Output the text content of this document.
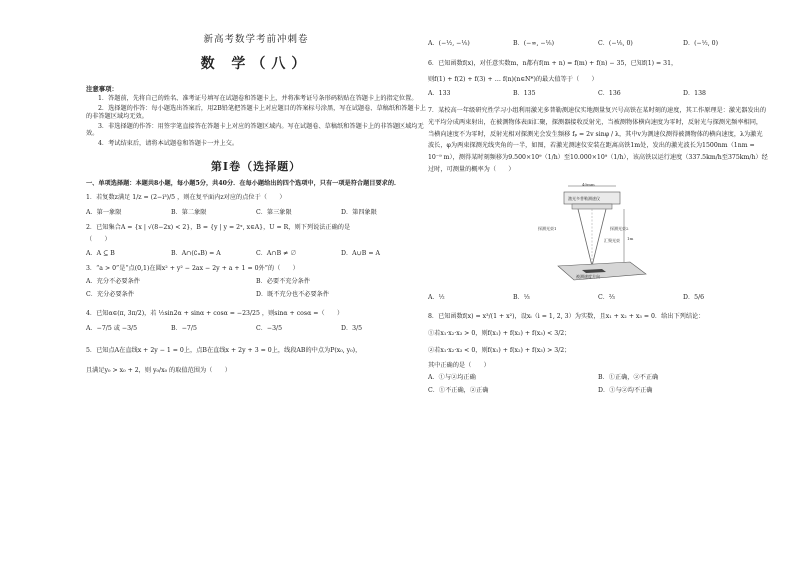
新高考数学考前冲刺卷
数 学（八）
注意事项：
1．答题前，先将自己的姓名、准考证号填写在试题卷和答题卡上，并将准考证号条形码粘贴在答题卡上的指定位置。
2．选择题的作答：每小题选出答案后，用2B铅笔把答题卡上对应题目的答案标号涂黑，写在试题卷、草稿纸和答题卡上的非答题区域均无效。
3．非选择题的作答：用签字笔直接答在答题卡上对应的答题区域内。写在试题卷、草稿纸和答题卡上的非答题区域均无效。
4．考试结束后，请将本试题卷和答题卡一并上交。
第Ⅰ卷（选择题）
一、单项选择题：本题共8小题，每小题5分，共40分．在每小题给出的四个选项中，只有一项是符合题目要求的．
1．若复数z满足 1/z = (2−i³)/5 ，则在复平面内z对应的点位于（　　）
A．第一象限	B．第二象限	C．第三象限	D．第四象限
2．已知集合A = {x | √(8−2x) < 2}，B = {y | y = 2ˣ, x∈A}，U = R，则下列说法正确的是
（　　）
A．A ⊆ B	B．A∩(∁ᵤB) = A	C．A∩B ≠ ∅	D．A∪B = A
3．“a > 0”是“点(0,1)在圆x² + y² − 2ax − 2y + a + 1 = 0外”的（　　）
A．充分不必要条件	B．必要不充分条件
C．充分必要条件	D．既不充分也不必要条件
4．已知α∈(π, 3π/2)，若 ½sin2α + sinα + cosα = −23/25 ，则sinα + cosα =（　　）
A．−7/5 或 −3/5	B．−7/5	C．−3/5	D．3/5
5．已知点A在直线x + 2y − 1 = 0上，点B在直线x + 2y + 3 = 0上，线段AB的中点为P(x₀, y₀)，
且满足y₀ > x₀ + 2，则 y₀/x₀ 的取值范围为（　　）
A．(−½, −⅕)	B．(−∞, −⅕)	C．(−⅕, 0)	D．(−½, 0)
6．已知函数f(x)，对任意实数m，n都有f(m + n) = f(m) + f(n) − 35，已知f(1) = 31，
则f(1) + f(2) + f(3) + … f(n)(n∈N*)的最大值等于（　　）
A．133	B．135	C．136	D．138
7．某校高一年级研究性学习小组利用激光多普勒测速仪实地测量复兴号高铁在某时刻的速度，其工作原理是：激光器发出的光平均分成两束射出，在被测物体表面汇聚，探测器接收反射光，当被测物体横向速度为零时，反射光与探测光频率相同，当横向速度不为零时，反射光相对探测光会发生频移 fₚ = 2v sinφ / λ，其中v为测速仪测得被测物体的横向速度，λ为激光波长，φ为两束探测光线夹角的一半，如图，若激光测速仪安装在距离高铁1m处，发出的激光波长为1500nm（1nm = 10⁻⁹ m），测得某时刻频移为9.500×10⁹（1/h）至10.000×10⁹（1/h），该高铁以运行速度（337.5km/h至375km/h）经过时，可测量的概率为（　　）
40mm
激光多普勒测速仪
探测光束1	探测光束2
汇聚光束 1m
被测速度方向
A．½	B．⅓	C．⅔	D．5/6
8．已知函数f(x) = x³/(1 + x²)，设xᵢ（i = 1, 2, 3）为实数，且x₁ + x₂ + x₃ = 0．给出下列结论：
①若x₁·x₂·x₃ > 0，则f(x₁) + f(x₂) + f(x₃) < 3/2；
②若x₁·x₂·x₃ < 0，则f(x₁) + f(x₂) + f(x₃) > 3/2；
其中正确的是（　　）
A．①与②均正确	B．①正确，②不正确
C．①不正确，②正确	D．①与②均不正确
